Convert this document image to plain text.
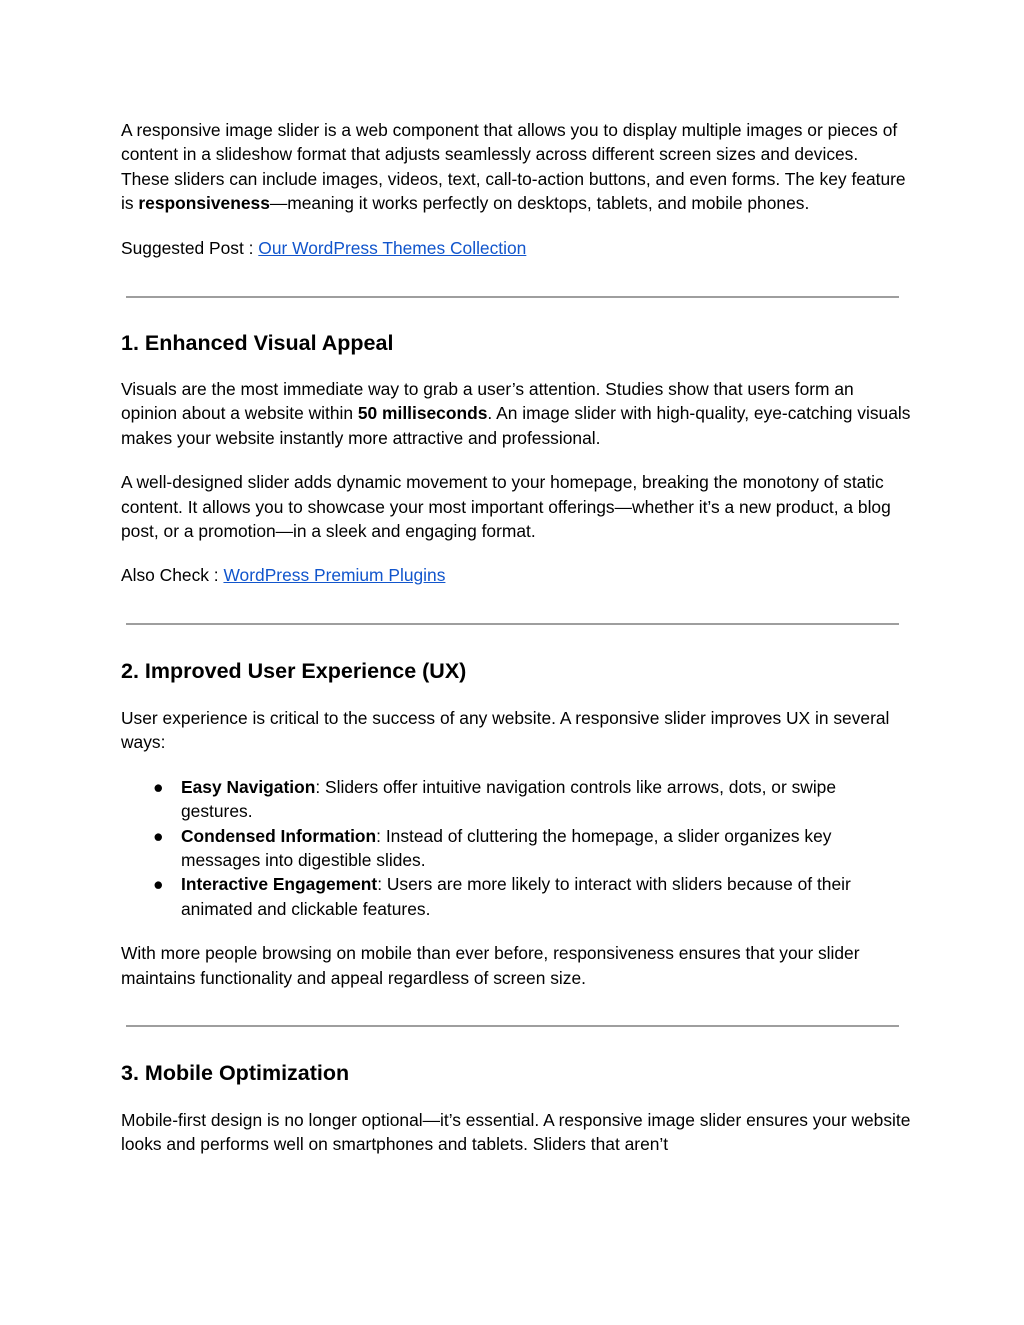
A responsive image slider is a web component that allows you to display multiple images or pieces of content in a slideshow format that adjusts seamlessly across different screen sizes and devices. These sliders can include images, videos, text, call-to-action buttons, and even forms. The key feature is responsiveness—meaning it works perfectly on desktops, tablets, and mobile phones.

Suggested Post : Our WordPress Themes Collection

1. Enhanced Visual Appeal

Visuals are the most immediate way to grab a user’s attention. Studies show that users form an opinion about a website within 50 milliseconds. An image slider with high-quality, eye-catching visuals makes your website instantly more attractive and professional.

A well-designed slider adds dynamic movement to your homepage, breaking the monotony of static content. It allows you to showcase your most important offerings—whether it’s a new product, a blog post, or a promotion—in a sleek and engaging format.

Also Check : WordPress Premium Plugins

2. Improved User Experience (UX)

User experience is critical to the success of any website. A responsive slider improves UX in several ways:

● Easy Navigation: Sliders offer intuitive navigation controls like arrows, dots, or swipe gestures.
● Condensed Information: Instead of cluttering the homepage, a slider organizes key messages into digestible slides.
● Interactive Engagement: Users are more likely to interact with sliders because of their animated and clickable features.

With more people browsing on mobile than ever before, responsiveness ensures that your slider maintains functionality and appeal regardless of screen size.

3. Mobile Optimization

Mobile-first design is no longer optional—it’s essential. A responsive image slider ensures your website looks and performs well on smartphones and tablets. Sliders that aren’t
